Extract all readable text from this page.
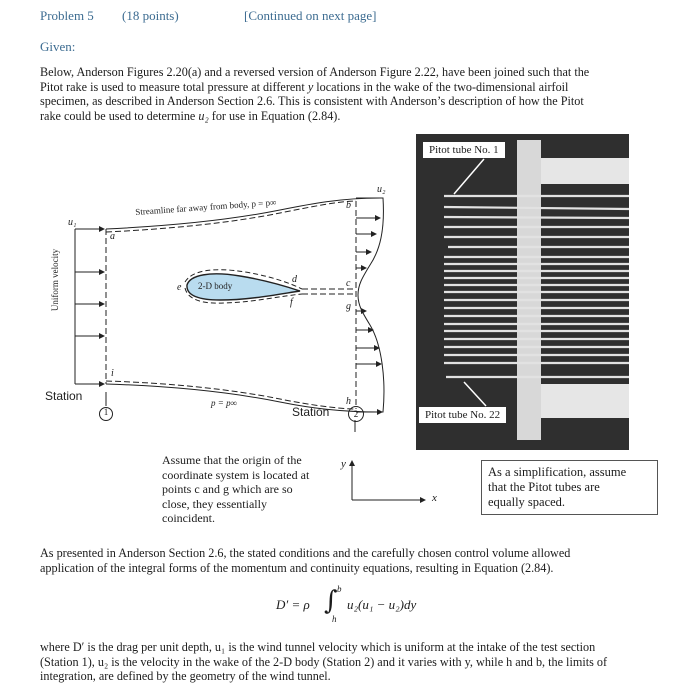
Problem 5 (18 points)	[Continued on next page]
Given:
Below, Anderson Figures 2.20(a) and a reversed version of Anderson Figure 2.22, have been joined such that the
Pitot rake is used to measure total pressure at different y locations in the wake of the two-dimensional airfoil
specimen, as described in Anderson Section 2.6. This is consistent with Anderson’s description of how the Pitot
rake could be used to determine u₂ for use in Equation (2.84).
u₁
u₂
Streamline far away from body, p = p∞
p = p∞
Uniform velocity	2-D body
a
b
c
d
e
f	g
h
i
Station
1	Station	2
Pitot tube No. 1
Pitot tube No. 22
Assume that the origin of the
coordinate system is located at
points c and g which are so
close, they essentially
coincident.
y
x
As a simplification, assume
that the Pitot tubes are
equally spaced.
As presented in Anderson Section 2.6, the stated conditions and the carefully chosen control volume allowed
application of the integral forms of the momentum and continuity equations, resulting in Equation (2.84).
D′ = ρ ∫ b
h
u₂(u₁ − u₂)dy
where D′ is the drag per unit depth, u₁ is the wind tunnel velocity which is uniform at the intake of the test section
(Station 1), u₂ is the velocity in the wake of the 2-D body (Station 2) and it varies with y, while h and b, the limits of
integration, are defined by the geometry of the wind tunnel.
